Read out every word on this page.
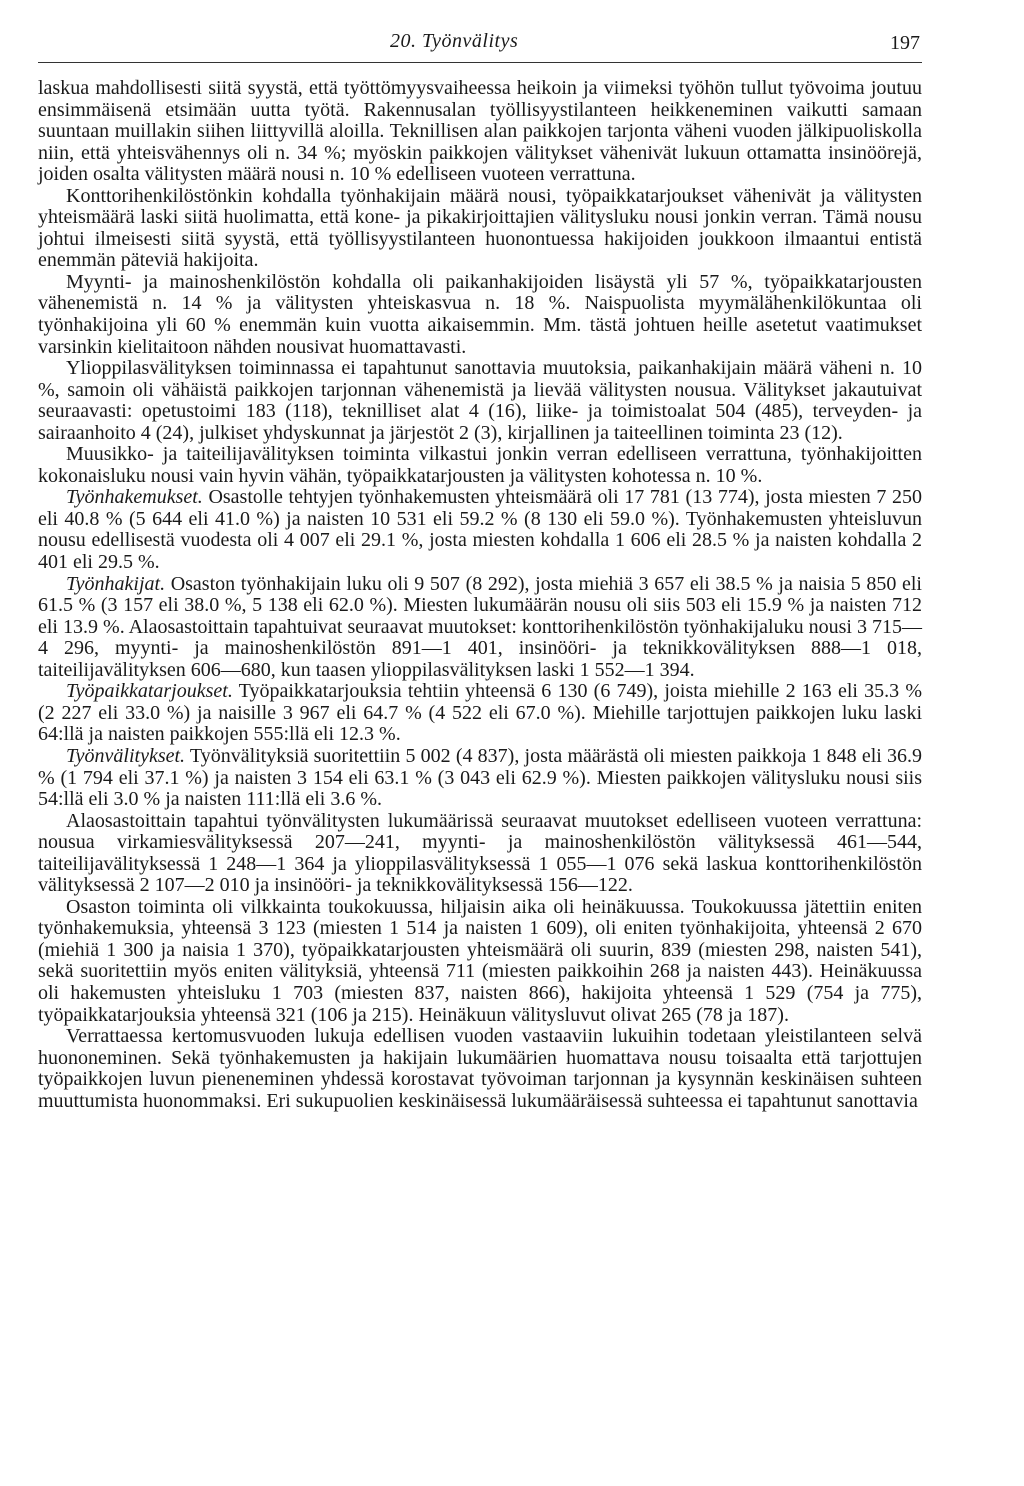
20. Työnvälitys	197

laskua mahdollisesti siitä syystä, että työttömyysvaiheessa heikoin ja viimeksi työhön tullut työvoima joutuu ensimmäisenä etsimään uutta työtä. Rakennusalan työllisyystilanteen heikkeneminen vaikutti samaan suuntaan muillakin siihen liittyvillä aloilla. Teknillisen alan paikkojen tarjonta väheni vuoden jälkipuoliskolla niin, että yhteisvähennys oli n. 34 %; myöskin paikkojen välitykset vähenivät lukuun ottamatta insinöörejä, joiden osalta välitysten määrä nousi n. 10 % edelliseen vuoteen verrattuna.

Konttorihenkilöstönkin kohdalla työnhakijain määrä nousi, työpaikkatarjoukset vähenivät ja välitysten yhteismäärä laski siitä huolimatta, että kone- ja pikakirjoittajien välitysluku nousi jonkin verran. Tämä nousu johtui ilmeisesti siitä syystä, että työllisyystilanteen huonontuessa hakijoiden joukkoon ilmaantui entistä enemmän päteviä hakijoita.

Myynti- ja mainoshenkilöstön kohdalla oli paikanhakijoiden lisäystä yli 57 %, työpaikkatarjousten vähenemistä n. 14 % ja välitysten yhteiskasvua n. 18 %. Naispuolista myymälähenkilökuntaa oli työnhakijoina yli 60 % enemmän kuin vuotta aikaisemmin. Mm. tästä johtuen heille asetetut vaatimukset varsinkin kielitaitoon nähden nousivat huomattavasti.

Ylioppilasvälityksen toiminnassa ei tapahtunut sanottavia muutoksia, paikanhakijain määrä väheni n. 10 %, samoin oli vähäistä paikkojen tarjonnan vähenemistä ja lievää välitysten nousua. Välitykset jakautuivat seuraavasti: opetustoimi 183 (118), teknilliset alat 4 (16), liike- ja toimistoalat 504 (485), terveyden- ja sairaanhoito 4 (24), julkiset yhdyskunnat ja järjestöt 2 (3), kirjallinen ja taiteellinen toiminta 23 (12).

Muusikko- ja taiteilijavälityksen toiminta vilkastui jonkin verran edelliseen verrattuna, työnhakijoitten kokonaisluku nousi vain hyvin vähän, työpaikkatarjousten ja välitysten kohotessa n. 10 %.

Työnhakemukset. Osastolle tehtyjen työnhakemusten yhteismäärä oli 17 781 (13 774), josta miesten 7 250 eli 40.8 % (5 644 eli 41.0 %) ja naisten 10 531 eli 59.2 % (8 130 eli 59.0 %). Työnhakemusten yhteisluvun nousu edellisestä vuodesta oli 4 007 eli 29.1 %, josta miesten kohdalla 1 606 eli 28.5 % ja naisten kohdalla 2 401 eli 29.5 %.

Työnhakijat. Osaston työnhakijain luku oli 9 507 (8 292), josta miehiä 3 657 eli 38.5 % ja naisia 5 850 eli 61.5 % (3 157 eli 38.0 %, 5 138 eli 62.0 %). Miesten lukumäärän nousu oli siis 503 eli 15.9 % ja naisten 712 eli 13.9 %. Alaosastoittain tapahtuivat seuraavat muutokset: konttorihenkilöstön työnhakijaluku nousi 3 715—4 296, myynti- ja mainoshenkilöstön 891—1 401, insinööri- ja teknikkovälityksen 888—1 018, taiteilijavälityksen 606—680, kun taasen ylioppilasvälityksen laski 1 552—1 394.

Työpaikkatarjoukset. Työpaikkatarjouksia tehtiin yhteensä 6 130 (6 749), joista miehille 2 163 eli 35.3 % (2 227 eli 33.0 %) ja naisille 3 967 eli 64.7 % (4 522 eli 67.0 %). Miehille tarjottujen paikkojen luku laski 64:llä ja naisten paikkojen 555:llä eli 12.3 %.

Työnvälitykset. Työnvälityksiä suoritettiin 5 002 (4 837), josta määrästä oli miesten paikkoja 1 848 eli 36.9 % (1 794 eli 37.1 %) ja naisten 3 154 eli 63.1 % (3 043 eli 62.9 %). Miesten paikkojen välitysluku nousi siis 54:llä eli 3.0 % ja naisten 111:llä eli 3.6 %.

Alaosastoittain tapahtui työnvälitysten lukumäärissä seuraavat muutokset edelliseen vuoteen verrattuna: nousua virkamiesvälityksessä 207—241, myynti- ja mainoshenkilöstön välityksessä 461—544, taiteilijavälityksessä 1 248—1 364 ja ylioppilasvälityksessä 1 055—1 076 sekä laskua konttorihenkilöstön välityksessä 2 107—2 010 ja insinööri- ja teknikkovälityksessä 156—122.

Osaston toiminta oli vilkkainta toukokuussa, hiljaisin aika oli heinäkuussa. Toukokuussa jätettiin eniten työnhakemuksia, yhteensä 3 123 (miesten 1 514 ja naisten 1 609), oli eniten työnhakijoita, yhteensä 2 670 (miehiä 1 300 ja naisia 1 370), työpaikkatarjousten yhteismäärä oli suurin, 839 (miesten 298, naisten 541), sekä suoritettiin myös eniten välityksiä, yhteensä 711 (miesten paikkoihin 268 ja naisten 443). Heinäkuussa oli hakemusten yhteisluku 1 703 (miesten 837, naisten 866), hakijoita yhteensä 1 529 (754 ja 775), työpaikkatarjouksia yhteensä 321 (106 ja 215). Heinäkuun välitysluvut olivat 265 (78 ja 187).

Verrattaessa kertomusvuoden lukuja edellisen vuoden vastaaviin lukuihin todetaan yleistilanteen selvä huononeminen. Sekä työnhakemusten ja hakijain lukumäärien huomattava nousu toisaalta että tarjottujen työpaikkojen luvun pieneneminen yhdessä korostavat työvoiman tarjonnan ja kysynnän keskinäisen suhteen muuttumista huonommaksi. Eri sukupuolien keskinäisessä lukumääräisessä suhteessa ei tapahtunut sanottavia
